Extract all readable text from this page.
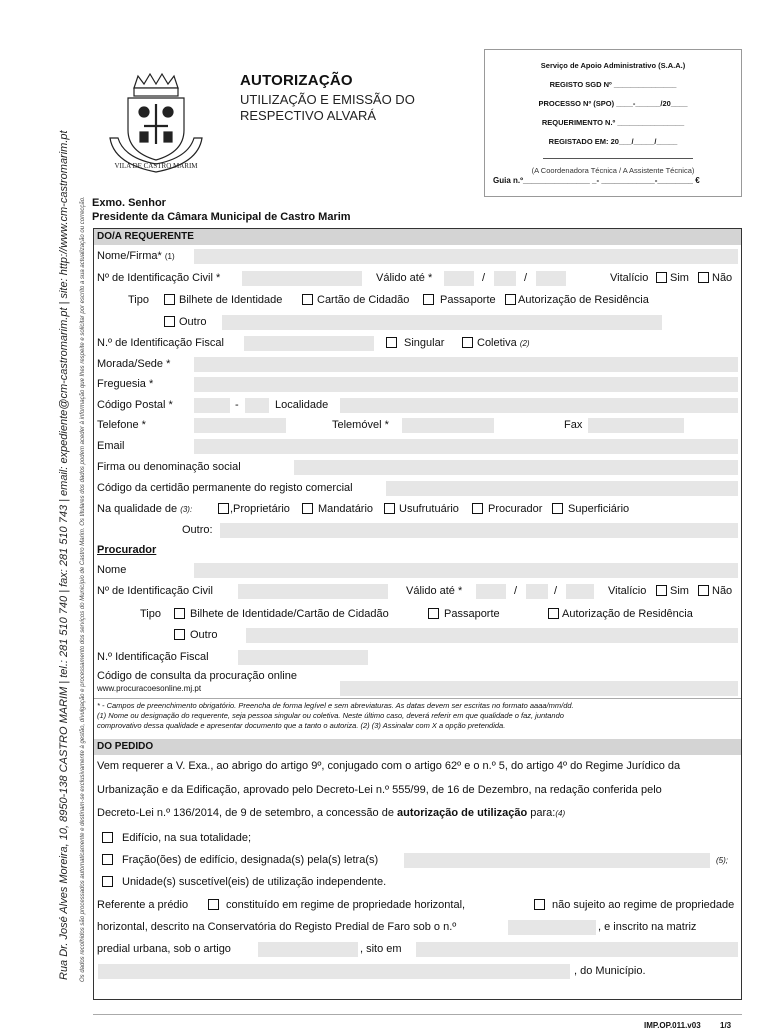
Rua Dr. José Alves Moreira, 10, 8950-138 CASTRO MARIM | tel.: 281 510 740 | fax: 281 510 743 | email: expediente@cm-castromarim.pt | site: http://www.cm-castromarim.pt Os dados recolhidos são processados automaticamente e destinam-se exclusivamente à gestão, divulgação e processamento dos serviços do Município de Castro Marim. Os titulares dos dados podem aceder à informação que lhes respeite e solicitar por escrito a sua actualização ou correcção.
VILA DE CASTRO MARIM
AUTORIZAÇÃO
UTILIZAÇÃO E EMISSÃO DO
RESPECTIVO ALVARÁ
Serviço de Apoio Administrativo (S.A.A.)
REGISTO SGD Nº _______________
PROCESSO Nº (SPO) ____-______/20____
REQUERIMENTO N.º ________________
REGISTADO EM: 20___/_____/_____
(A Coordenadora Técnica / A Assistente Técnica)
Guia n.º_______________ _- ____________-________ €
Exmo. Senhor
Presidente da Câmara Municipal de Castro Marim
DO/A REQUERENTE
Nome/Firma* (1)
Nº de Identificação Civil *	Válido até *	/	/	Vitalício Sim Não
Tipo	Bilhete de Identidade	Cartão de Cidadão	Passaporte Autorização de Residência
Outro
N.º de Identificação Fiscal	Singular	Coletiva (2)
Morada/Sede *
Freguesia *
Código Postal *	-	Localidade
Telefone *	Telemóvel *	Fax
Email
Firma ou denominação social
Código da certidão permanente do registo comercial
Na qualidade de (3):	,Proprietário	Mandatário Usufrutuário	Procurador Superficiário
Outro:
Procurador
Nome
Nº de Identificação Civil	Válido até *	/	/	Vitalício Sim Não
Tipo	Bilhete de Identidade/Cartão de Cidadão	Passaporte	Autorização de Residência
Outro
N.º Identificação Fiscal
Código de consulta da procuração online
www.procuracoesonline.mj.pt
* - Campos de preenchimento obrigatório. Preencha de forma legível e sem abreviaturas. As datas devem ser escritas no formato aaaa/mm/dd.
(1) Nome ou designação do requerente, seja pessoa singular ou coletiva. Neste último caso, deverá referir em que qualidade o faz, juntando
comprovativo dessa qualidade e apresentar documento que a tanto o autoriza. (2) (3) Assinalar com X a opção pretendida.
DO PEDIDO
Vem requerer a V. Exa., ao abrigo do artigo 9º, conjugado com o artigo 62º e o n.º 5, do artigo 4º do Regime Jurídico da
Urbanização e da Edificação, aprovado pelo Decreto-Lei n.º 555/99, de 16 de Dezembro, na redação conferida pelo
Decreto-Lei n.º 136/2014, de 9 de setembro, a concessão de autorização de utilização para:(4)
Edifício, na sua totalidade;
Fração(ões) de edifício, designada(s) pela(s) letra(s)	(5);
Unidade(s) suscetível(eis) de utilização independente.
Referente a prédio	constituído em regime de propriedade horizontal,	não sujeito ao regime de propriedade
horizontal, descrito na Conservatória do Registo Predial de Faro sob o n.º	, e inscrito na matriz
predial urbana, sob o artigo	, sito em
, do Município.
IMP.OP.011.v03 1/3
